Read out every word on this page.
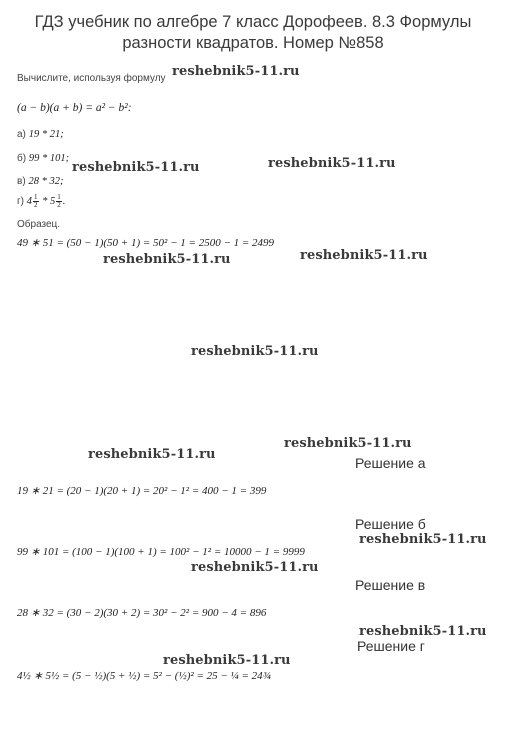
ГДЗ учебник по алгебре 7 класс Дорофеев. 8.3 Формулы
разности квадратов. Номер №858
Вычислите, используя формулу
(a − b)(a + b) = a² − b²:
а) 19 * 21;
б) 99 * 101;
в) 28 * 32;
г) $4 \frac{1}{2} * 5 \frac{1}{2}$ .
Образец.
49 ∗ 51 = (50 − 1)(50 + 1) = 50² − 1 = 2500 − 1 = 2499
Решение а
19 ∗ 21 = (20 − 1)(20 + 1) = 20² − 1² = 400 − 1 = 399
Решение б
99 ∗ 101 = (100 − 1)(100 + 1) = 100² − 1² = 10000 − 1 = 9999
Решение в
28 ∗ 32 = (30 − 2)(30 + 2) = 30² − 2² = 900 − 4 = 896
Решение г
4½ ∗ 5½ = (5 − ½)(5 + ½) = 5² − (½)² = 25 − ¼ = 24¾
reshebnik5-11.ru
reshebnik5-11.ru	reshebnik5-11.ru
reshebnik5-11.ru	reshebnik5-11.ru
reshebnik5-11.ru
reshebnik5-11.ru
reshebnik5-11.ru
reshebnik5-11.ru
reshebnik5-11.ru
reshebnik5-11.ru
reshebnik5-11.ru
